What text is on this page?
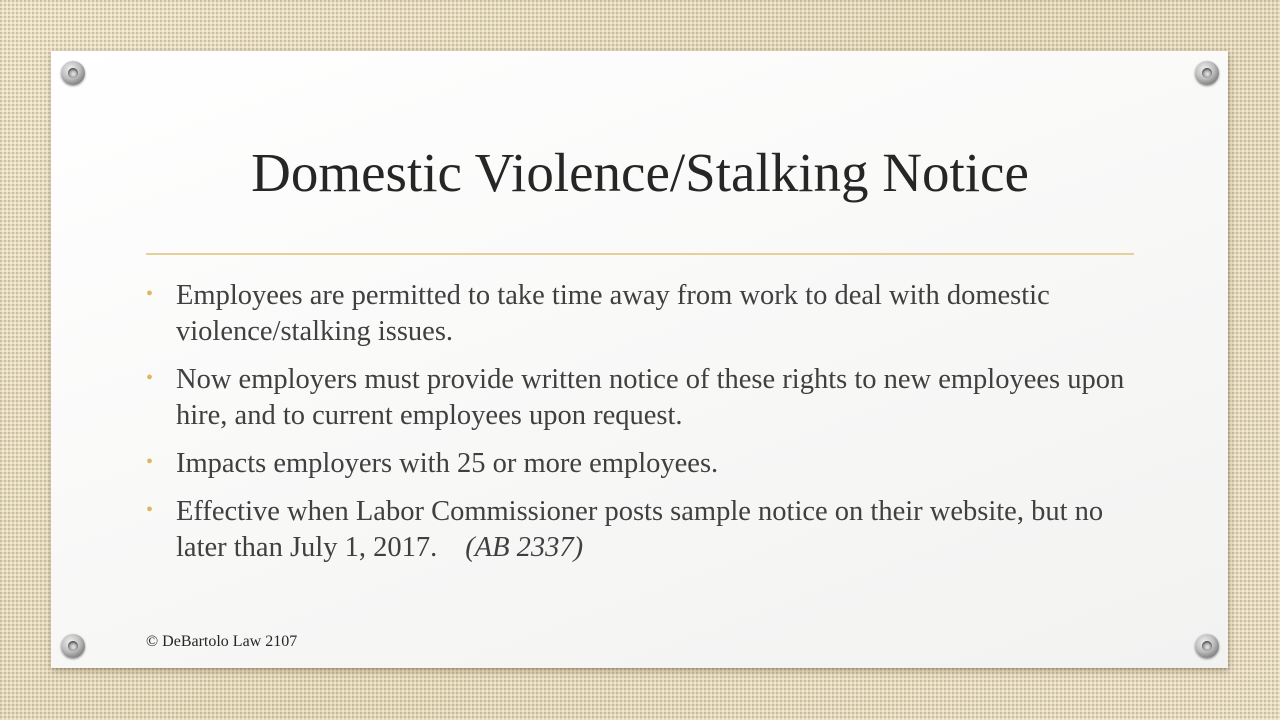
Domestic Violence/Stalking Notice
• Employees are permitted to take time away from work to deal with domestic violence/stalking issues.
• Now employers must provide written notice of these rights to new employees upon hire, and to current employees upon request.
• Impacts employers with 25 or more employees.
• Effective when Labor Commissioner posts sample notice on their website, but no later than July 1, 2017. (AB 2337)
© DeBartolo Law 2107
